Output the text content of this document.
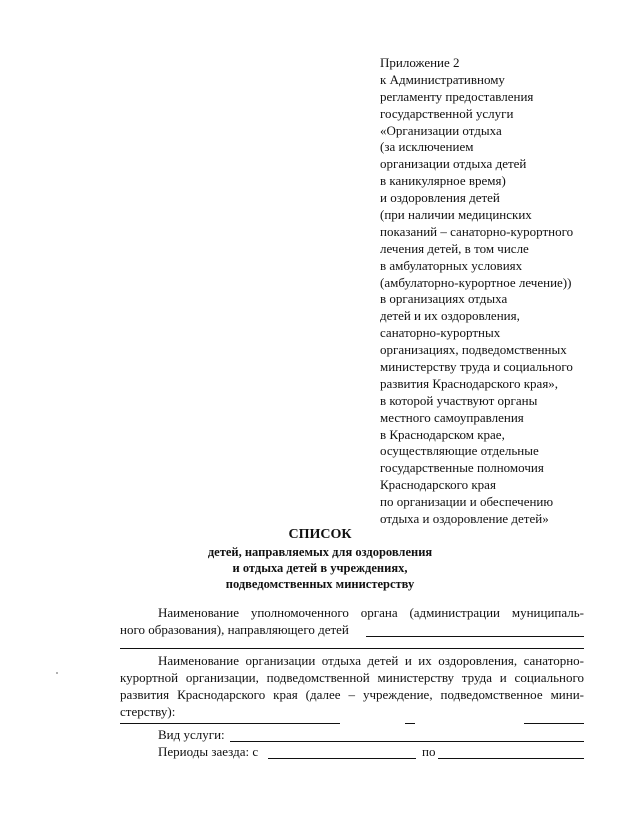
Приложение 2
к Административному
регламенту предоставления
государственной услуги
«Организации отдыха
(за исключением
организации отдыха детей
в каникулярное время)
и оздоровления детей
(при наличии медицинских
показаний – санаторно-курортного
лечения детей, в том числе
в амбулаторных условиях
(амбулаторно-курортное лечение))
в организациях отдыха
детей и их оздоровления,
санаторно-курортных
организациях, подведомственных
министерству труда и социального
развития Краснодарского края»,
в которой участвуют органы
местного самоуправления
в Краснодарском крае,
осуществляющие отдельные
государственные полномочия
Краснодарского края
по организации и обеспечению
отдыха и оздоровление детей»
СПИСОК
детей, направляемых для оздоровления
и отдыха детей в учреждениях,
подведомственных министерству
Наименование уполномоченного органа (администрации муниципаль-
ного образования), направляющего детей
Наименование организации отдыха детей и их оздоровления, санаторно-
курортной организации, подведомственной министерству труда и социального
развития Краснодарского края (далее – учреждение, подведомственное мини-
стерству):
Вид услуги:
Периоды заезда: с	по
